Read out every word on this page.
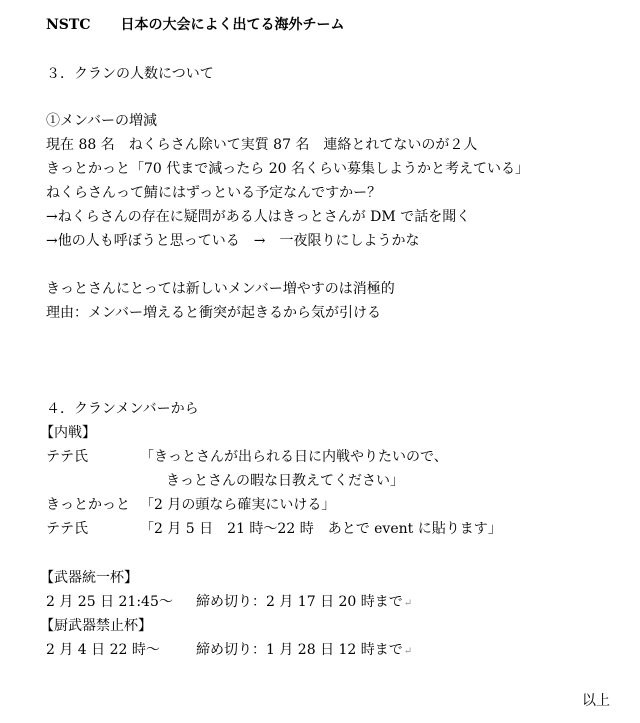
NSTC 日本の大会によく出てる海外チーム
３．クランの人数について
①メンバーの増減
現在 88 名　ねくらさん除いて実質 87 名　連絡とれてないのが２人
きっとかっと「70 代まで減ったら 20 名くらい募集しようかと考えている」
ねくらさんって鯖にはずっといる予定なんですかー？
→ねくらさんの存在に疑問がある人はきっとさんが DM で話を聞く
→他の人も呼ぼうと思っている　→　一夜限りにしようかな
きっとさんにとっては新しいメンバー増やすのは消極的
理由：メンバー増えると衝突が起きるから気が引ける
４．クランメンバーから
【内戦】
テテ氏	「きっとさんが出られる日に内戦やりたいので、
きっとさんの暇な日教えてください」
きっとかっと 「2 月の頭なら確実にいける」
テテ氏	「2 月 5 日　21 時～22 時　あとで event に貼ります」
【武器統一杯】
2 月 25 日 21:45～ 締め切り：2 月 17 日 20 時まで↵
【厨武器禁止杯】
2 月 4 日 22 時～	締め切り：1 月 28 日 12 時まで↵
以上
